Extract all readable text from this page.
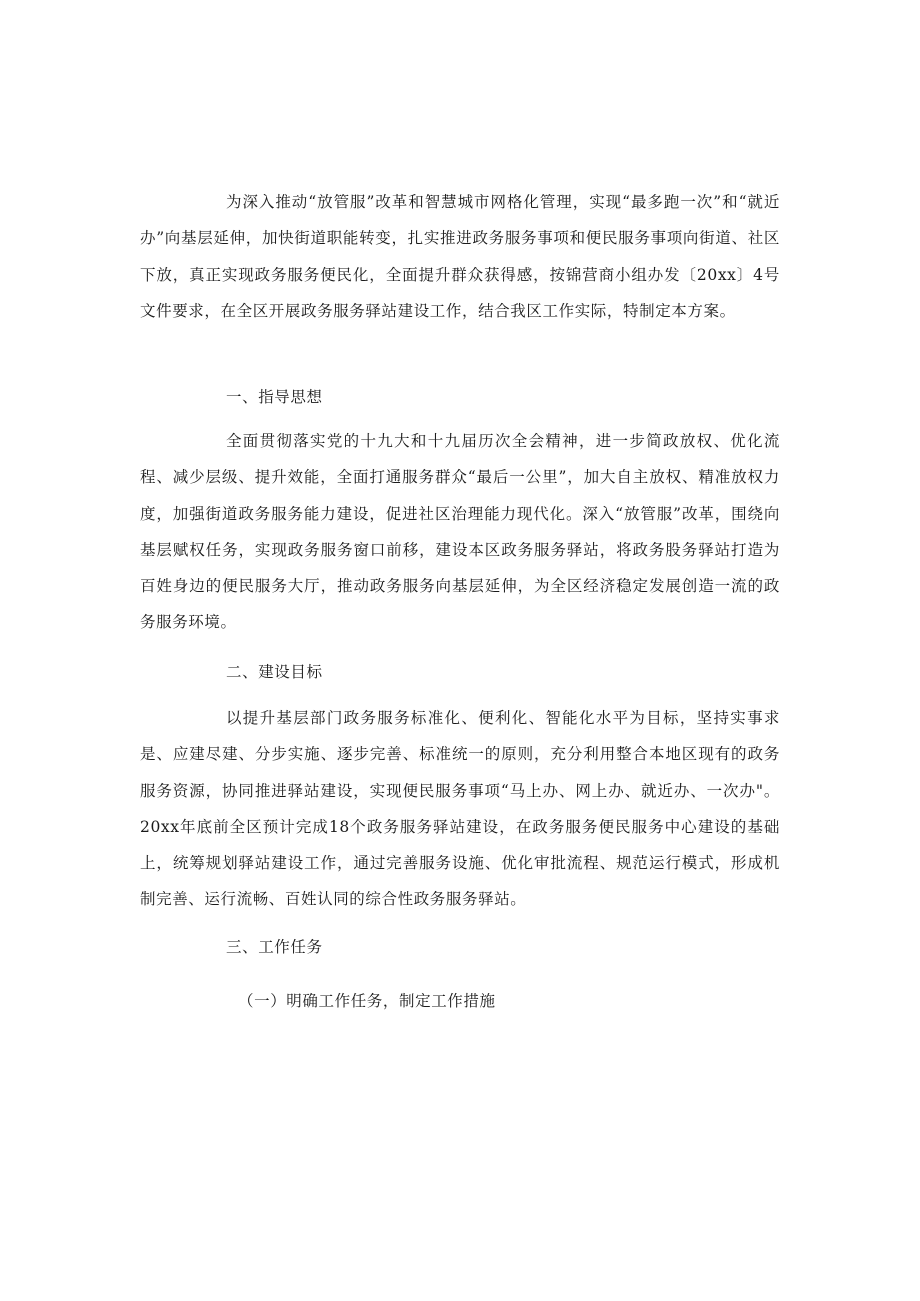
为深入推动“放管服”改革和智慧城市网格化管理，实现“最多跑一次”和“就近办”向基层延伸，加快街道职能转变，扎实推进政务服务事项和便民服务事项向街道、社区下放，真正实现政务服务便民化，全面提升群众获得感，按锦营商小组办发〔20xx〕4号文件要求，在全区开展政务服务驿站建设工作，结合我区工作实际，特制定本方案。

一、指导思想

全面贯彻落实党的十九大和十九届历次全会精神，进一步简政放权、优化流程、减少层级、提升效能，全面打通服务群众“最后一公里”，加大自主放权、精准放权力度，加强街道政务服务能力建设，促进社区治理能力现代化。深入“放管服”改革，围绕向基层赋权任务，实现政务服务窗口前移，建设本区政务服务驿站，将政务股务驿站打造为百姓身边的便民服务大厅，推动政务服务向基层延伸，为全区经济稳定发展创造一流的政务服务环境。

二、建设目标

以提升基层部门政务服务标准化、便利化、智能化水平为目标，坚持实事求是、应建尽建、分步实施、逐步完善、标准统一的原则，充分利用整合本地区现有的政务服务资源，协同推进驿站建设，实现便民服务事项“马上办、网上办、就近办、一次办"。20xx年底前全区预计完成18个政务服务驿站建设，在政务服务便民服务中心建设的基础上，统筹规划驿站建设工作，通过完善服务设施、优化审批流程、规范运行模式，形成机制完善、运行流畅、百姓认同的综合性政务服务驿站。

三、工作任务

（一）明确工作任务，制定工作措施
